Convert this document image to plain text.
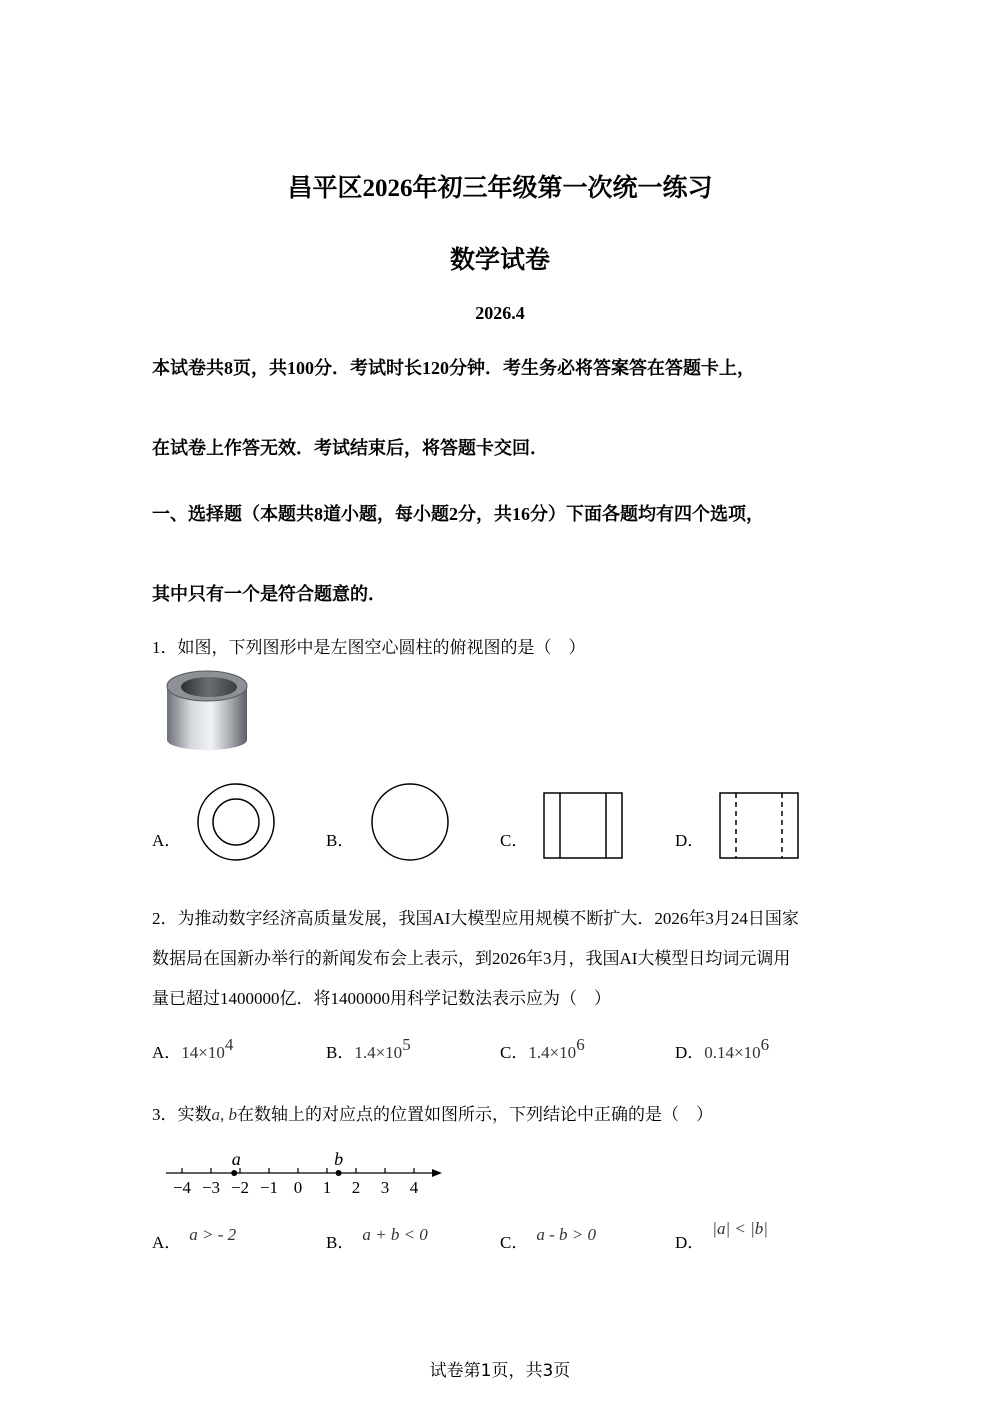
昌平区2026年初三年级第一次统一练习
数学试卷
2026.4
本试卷共8页，共100分．考试时长120分钟．考生务必将答案答在答题卡上，
在试卷上作答无效．考试结束后，将答题卡交回．
一、选择题（本题共8道小题，每小题2分，共16分）下面各题均有四个选项，
其中只有一个是符合题意的．
1．如图，下列图形中是左图空心圆柱的俯视图的是（　）
A．	B．	C．	D．
2．为推动数字经济高质量发展，我国AI大模型应用规模不断扩大．2026年3月24日国家
数据局在国新办举行的新闻发布会上表示，到2026年3月，我国AI大模型日均词元调用
量已超过1400000亿．将1400000用科学记数法表示应为（　）
A．$14\times 10^4$	B．$1.4\times 10^5$	C．$1.4\times 10^6$	D．$0.14\times 10^6$
3．实数a, b在数轴上的对应点的位置如图所示，下列结论中正确的是（　）
−4 −3 −2 −1 0 1 2 3 4
a	b
A． a > - 2	B． a + b < 0	C． a - b > 0	D．|a| < |b|
试卷第1页，共3页
